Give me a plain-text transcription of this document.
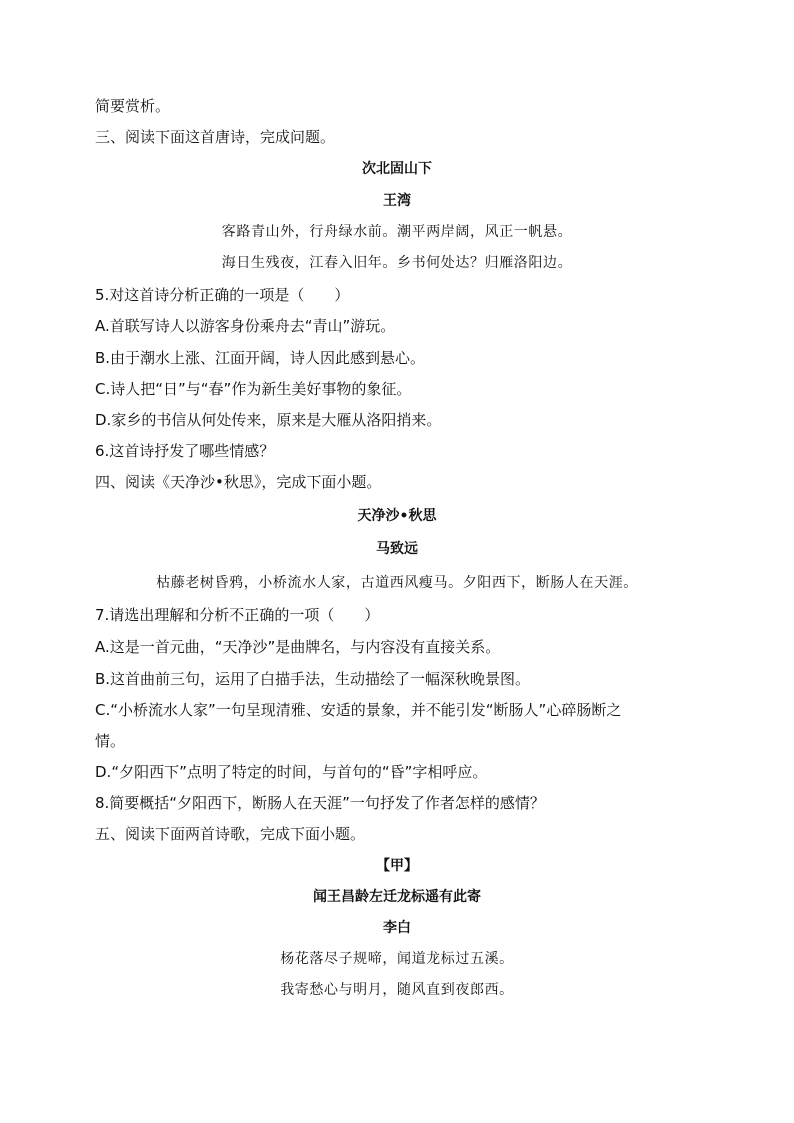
简要赏析。
三、阅读下面这首唐诗，完成问题。
次北固山下
王湾
客路青山外，行舟绿水前。潮平两岸阔，风正一帆悬。
海日生残夜，江春入旧年。乡书何处达？归雁洛阳边。
5.对这首诗分析正确的一项是（　　）
A.首联写诗人以游客身份乘舟去“青山”游玩。
B.由于潮水上涨、江面开阔，诗人因此感到悬心。
C.诗人把“日”与“春”作为新生美好事物的象征。
D.家乡的书信从何处传来，原来是大雁从洛阳捎来。
6.这首诗抒发了哪些情感？
四、阅读《天净沙•秋思》，完成下面小题。
天净沙•秋思
马致远
枯藤老树昏鸦，小桥流水人家，古道西风瘦马。夕阳西下，断肠人在天涯。
7.请选出理解和分析不正确的一项（　　）
A.这是一首元曲，“天净沙”是曲牌名，与内容没有直接关系。
B.这首曲前三句，运用了白描手法，生动描绘了一幅深秋晚景图。
C.“小桥流水人家”一句呈现清雅、安适的景象，并不能引发“断肠人”心碎肠断之
情。
D.“夕阳西下”点明了特定的时间，与首句的“昏”字相呼应。
8.简要概括“夕阳西下，断肠人在天涯”一句抒发了作者怎样的感情？
五、阅读下面两首诗歌，完成下面小题。
【甲】
闻王昌龄左迁龙标遥有此寄
李白
杨花落尽子规啼，闻道龙标过五溪。
我寄愁心与明月，随风直到夜郎西。
